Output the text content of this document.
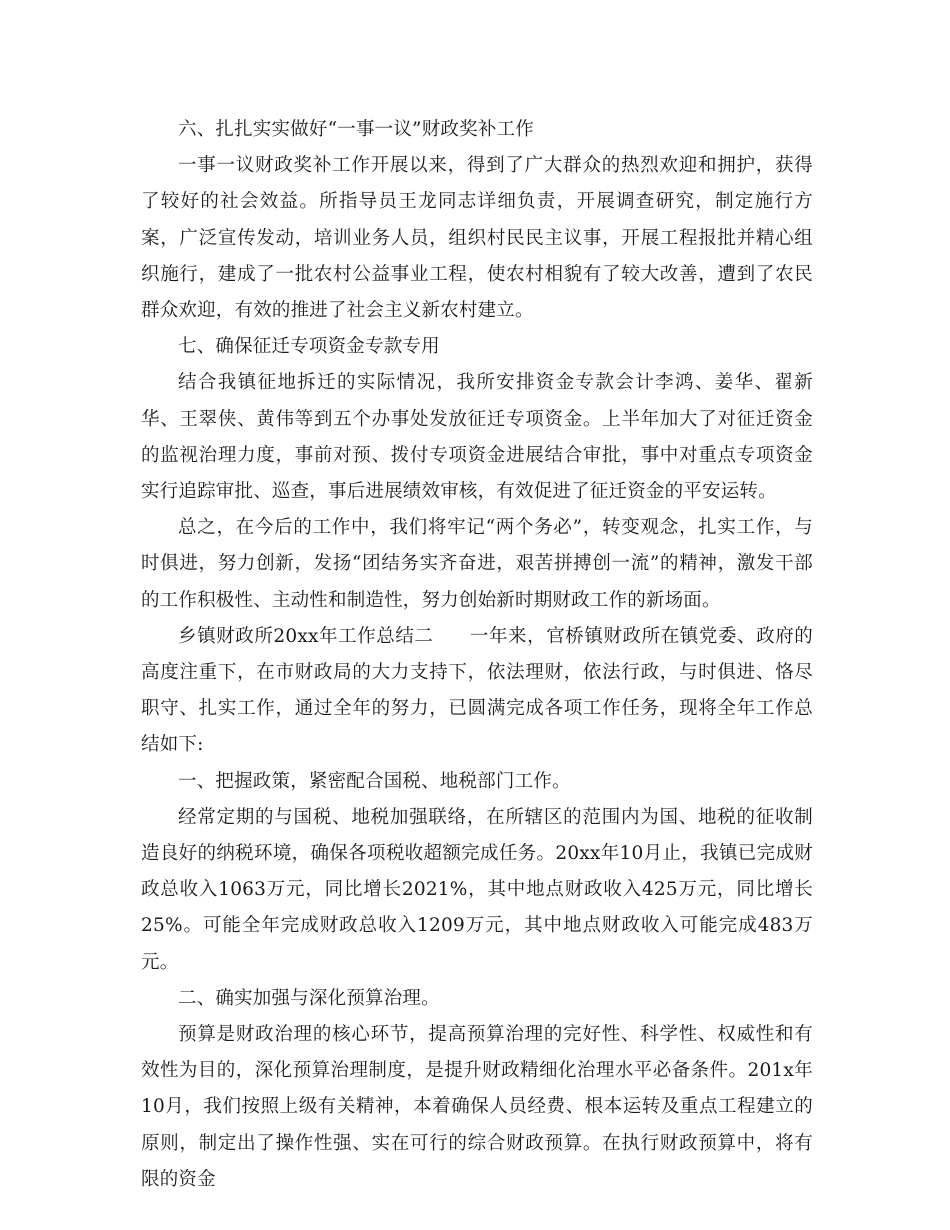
六、扎扎实实做好“一事一议”财政奖补工作

一事一议财政奖补工作开展以来，得到了广大群众的热烈欢迎和拥护，获得了较好的社会效益。所指导员王龙同志详细负责，开展调查研究，制定施行方案，广泛宣传发动，培训业务人员，组织村民民主议事，开展工程报批并精心组织施行，建成了一批农村公益事业工程，使农村相貌有了较大改善，遭到了农民群众欢迎，有效的推进了社会主义新农村建立。

七、确保征迁专项资金专款专用

结合我镇征地拆迁的实际情况，我所安排资金专款会计李鸿、姜华、翟新华、王翠侠、黄伟等到五个办事处发放征迁专项资金。上半年加大了对征迁资金的监视治理力度，事前对预、拨付专项资金进展结合审批，事中对重点专项资金实行追踪审批、巡查，事后进展绩效审核，有效促进了征迁资金的平安运转。

总之，在今后的工作中，我们将牢记“两个务必”，转变观念，扎实工作，与时俱进，努力创新，发扬“团结务实齐奋进，艰苦拼搏创一流”的精神，激发干部的工作积极性、主动性和制造性，努力创始新时期财政工作的新场面。

乡镇财政所20xx年工作总结二 一年来，官桥镇财政所在镇党委、政府的高度注重下，在市财政局的大力支持下，依法理财，依法行政，与时俱进、恪尽职守、扎实工作，通过全年的努力，已圆满完成各项工作任务，现将全年工作总结如下:

一、把握政策，紧密配合国税、地税部门工作。

经常定期的与国税、地税加强联络，在所辖区的范围内为国、地税的征收制造良好的纳税环境，确保各项税收超额完成任务。20xx年10月止，我镇已完成财政总收入1063万元，同比增长2021%，其中地点财政收入425万元，同比增长25%。可能全年完成财政总收入1209万元，其中地点财政收入可能完成483万元。

二、确实加强与深化预算治理。

预算是财政治理的核心环节，提高预算治理的完好性、科学性、权威性和有效性为目的，深化预算治理制度，是提升财政精细化治理水平必备条件。201x年10月，我们按照上级有关精神，本着确保人员经费、根本运转及重点工程建立的原则，制定出了操作性强、实在可行的综合财政预算。在执行财政预算中，将有限的资金
